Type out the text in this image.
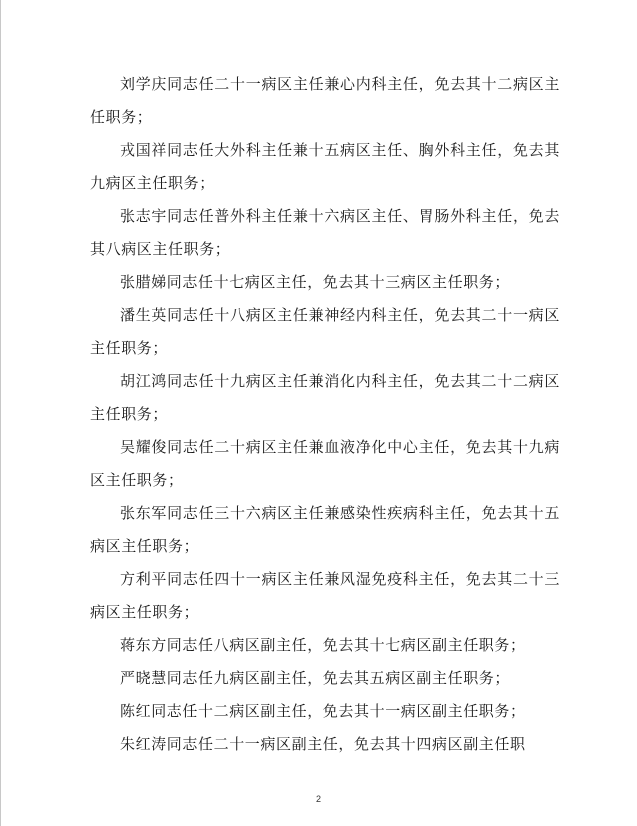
刘学庆同志任二十一病区主任兼心内科主任，免去其十二病区主任职务；

戎国祥同志任大外科主任兼十五病区主任、胸外科主任，免去其九病区主任职务；

张志宇同志任普外科主任兼十六病区主任、胃肠外科主任，免去其八病区主任职务；

张腊娣同志任十七病区主任，免去其十三病区主任职务；

潘生英同志任十八病区主任兼神经内科主任，免去其二十一病区主任职务；

胡江鸿同志任十九病区主任兼消化内科主任，免去其二十二病区主任职务；

吴耀俊同志任二十病区主任兼血液净化中心主任，免去其十九病区主任职务；

张东军同志任三十六病区主任兼感染性疾病科主任，免去其十五病区主任职务；

方利平同志任四十一病区主任兼风湿免疫科主任，免去其二十三病区主任职务；

蒋东方同志任八病区副主任，免去其十七病区副主任职务；

严晓慧同志任九病区副主任，免去其五病区副主任职务；

陈红同志任十二病区副主任，免去其十一病区副主任职务；

朱红涛同志任二十一病区副主任，免去其十四病区副主任职

2
